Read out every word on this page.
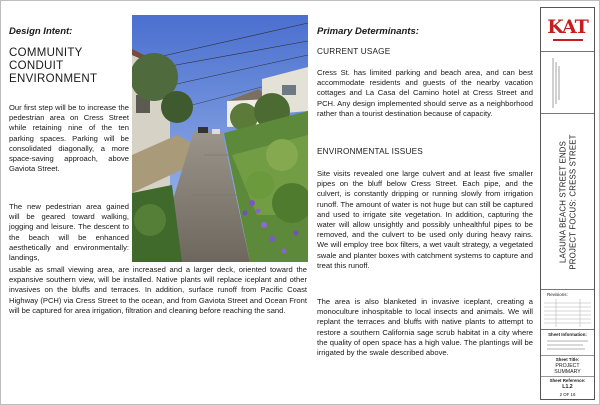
Design Intent:
COMMUNITY CONDUIT ENVIRONMENT

Our first step will be to increase the pedestrian area on Cress Street while retaining nine of the ten parking spaces. Parking will be consolidated diagonally, a more space-saving approach, above Gaviota Street.

The new pedestrian area gained will be geared toward walking, jogging and leisure. The descent to the beach will be enhanced aesthetically and environmentally: landings,

usable as small viewing area, are increased and a larger deck, oriented toward the expansive southern view, will be installed. Native plants will replace iceplant and other invasives on the bluffs and terraces. In addition, surface runoff from Pacific Coast Highway (PCH) via Cress Street to the ocean, and from Gaviota Street and Ocean Front will be captured for area irrigation, filtration and cleaning before reaching the sand.

Primary Determinants:
CURRENT USAGE

Cress St. has limited parking and beach area, and can best accommodate residents and guests of the nearby vacation cottages and La Casa del Camino hotel at Cress Street and PCH. Any design implemented should serve as a neighborhood rather than a tourist destination because of capacity.

ENVIRONMENTAL ISSUES

Site visits revealed one large culvert and at least five smaller pipes on the bluff below Cress Street. Each pipe, and the culvert, is constantly dripping or running slowly from irrigation runoff. The amount of water is not huge but can still be captured and used to irrigate site vegetation. In addition, capturing the water will allow unsightly and possibly unhealthful pipes to be removed, and the culvert to be used only during heavy rains. We will employ tree box filters, a wet vault strategy, a vegetated swale and planter boxes with catchment systems to capture and treat this runoff.

The area is also blanketed in invasive iceplant, creating a monoculture inhospitable to local insects and animals. We will replant the terraces and bluffs with native plants to attempt to restore a southern California sage scrub habitat in a city where the quality of open space has a high value. The plantings will be irrigated by the swale described above.

KAT
LAGUNA BEACH STREET ENDS PROJECT FOCUS: CRESS STREET
Revisions:
Sheet Information:
Sheet Title:
PROJECT
SUMMARY
Sheet Reference:
L1.2
2 OF 16
